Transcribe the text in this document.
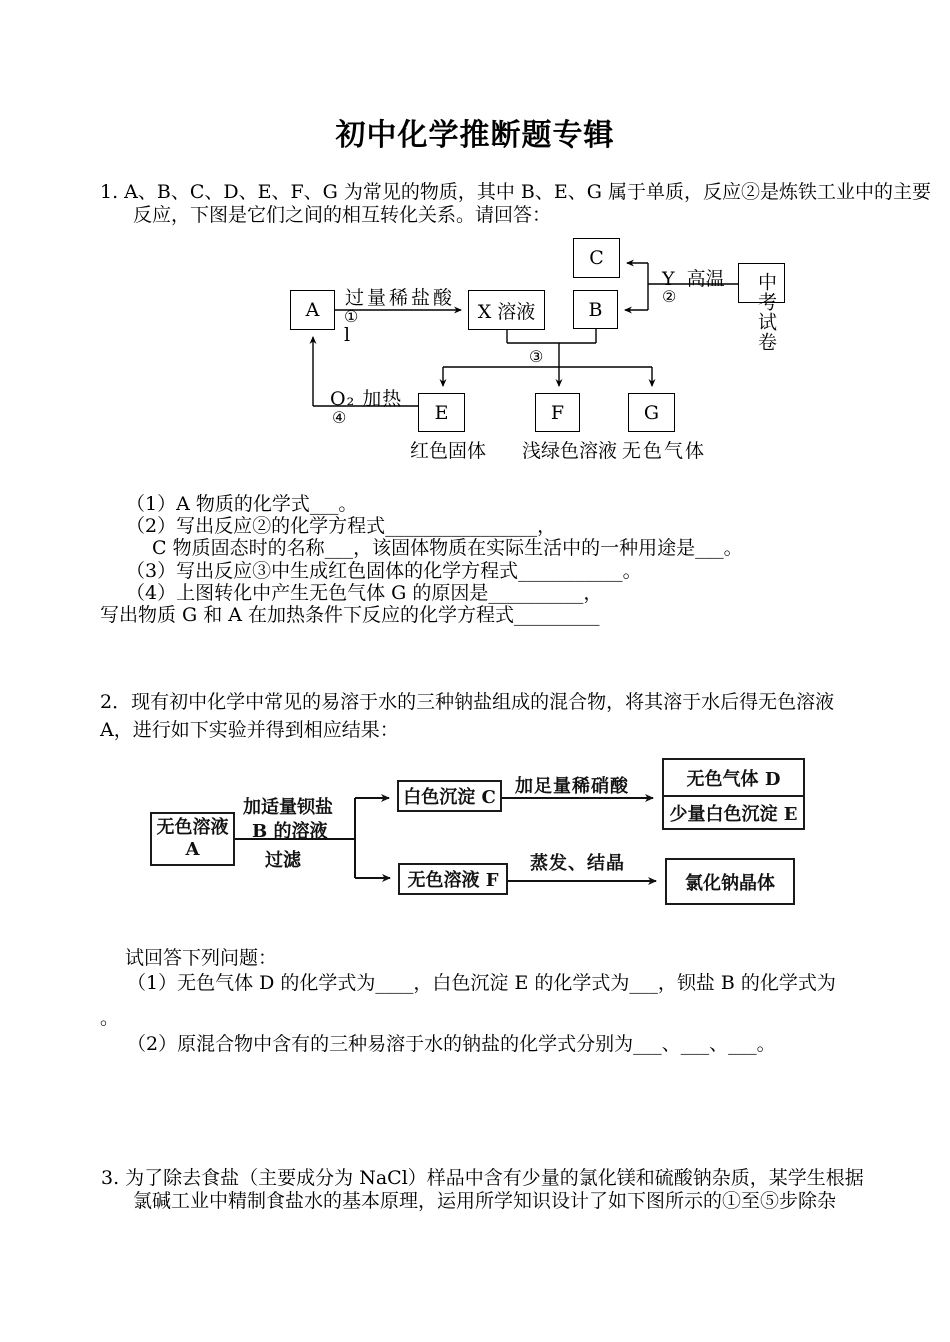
初中化学推断题专辑
1. A、B、C、D、E、F、G 为常见的物质，其中 B、E、G 属于单质，反应②是炼铁工业中的主要
反应，下图是它们之间的相互转化关系。请回答：
A	X 溶液
C
B	中考试卷
E	F	G
过量稀盐酸
①
l
Y  高温
②
③
O₂ 加热
④
红色固体 浅绿色溶液 无色气体
（1）A 物质的化学式___。
（2）写出反应②的化学方程式________________，
C 物质固态时的名称___，该固体物质在实际生活中的一种用途是___。
（3）写出反应③中生成红色固体的化学方程式___________。
（4）上图转化中产生无色气体 G 的原因是__________，
写出物质 G 和 A 在加热条件下反应的化学方程式_________
2．现有初中化学中常见的易溶于水的三种钠盐组成的混合物，将其溶于水后得无色溶液
A，进行如下实验并得到相应结果：
无色溶液
A
白色沉淀 C
无色溶液 F
无色气体 D
少量白色沉淀 E
氯化钠晶体
加适量钡盐
B 的溶液
过滤
加足量稀硝酸
蒸发、结晶
试回答下列问题：
（1）无色气体 D 的化学式为____，白色沉淀 E 的化学式为___，钡盐 B 的化学式为
。
（2）原混合物中含有的三种易溶于水的钠盐的化学式分别为___、___、___。
3. 为了除去食盐（主要成分为 NaCl）样品中含有少量的氯化镁和硫酸钠杂质，某学生根据
氯碱工业中精制食盐水的基本原理，运用所学知识设计了如下图所示的①至⑤步除杂
